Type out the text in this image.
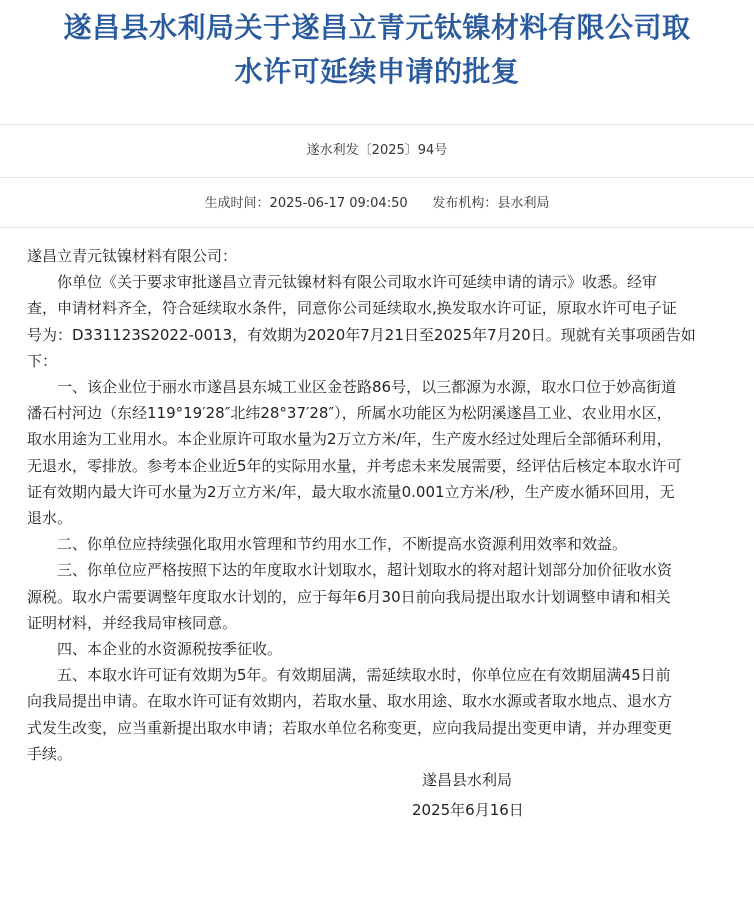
遂昌县水利局关于遂昌立青元钛镍材料有限公司取
水许可延续申请的批复
遂水利发〔2025〕94号
生成时间：2025-06-17 09:04:50 发布机构：县水利局

遂昌立青元钛镍材料有限公司：

　　你单位《关于要求审批遂昌立青元钛镍材料有限公司取水许可延续申请的请示》收悉。经审

查，申请材料齐全，符合延续取水条件，同意你公司延续取水,换发取水许可证，原取水许可电子证

号为：D331123S2022-0013，有效期为2020年7月21日至2025年7月20日。现就有关事项函告如

下：

　　一、该企业位于丽水市遂昌县东城工业区金苍路86号，以三都源为水源，取水口位于妙高街道

潘石村河边（东经119°19′28″北纬28°37′28″），所属水功能区为松阴溪遂昌工业、农业用水区，

取水用途为工业用水。本企业原许可取水量为2万立方米/年，生产废水经过处理后全部循环利用，

无退水，零排放。参考本企业近5年的实际用水量，并考虑未来发展需要，经评估后核定本取水许可

证有效期内最大许可水量为2万立方米/年，最大取水流量0.001立方米/秒，生产废水循环回用，无

退水。

　　二、你单位应持续强化取用水管理和节约用水工作，不断提高水资源利用效率和效益。

　　三、你单位应严格按照下达的年度取水计划取水，超计划取水的将对超计划部分加价征收水资

源税。取水户需要调整年度取水计划的，应于每年6月30日前向我局提出取水计划调整申请和相关

证明材料，并经我局审核同意。

　　四、本企业的水资源税按季征收。

　　五、本取水许可证有效期为5年。有效期届满，需延续取水时，你单位应在有效期届满45日前

向我局提出申请。在取水许可证有效期内，若取水量、取水用途、取水水源或者取水地点、退水方

式发生改变，应当重新提出取水申请；若取水单位名称变更，应向我局提出变更申请，并办理变更

手续。

遂昌县水利局

2025年6月16日
